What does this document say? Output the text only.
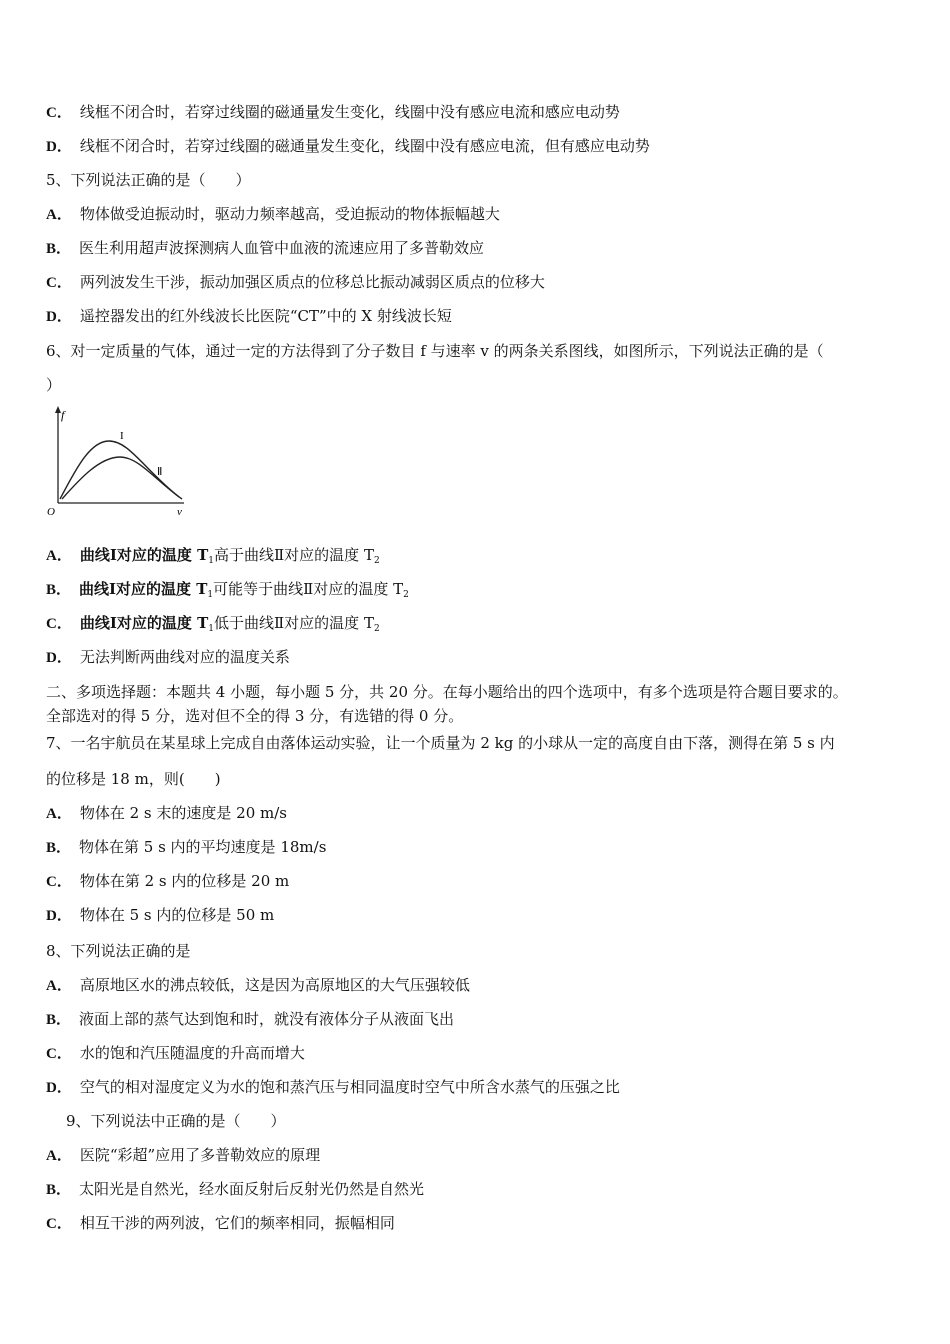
C． 线框不闭合时，若穿过线圈的磁通量发生变化，线圈中没有感应电流和感应电动势
D． 线框不闭合时，若穿过线圈的磁通量发生变化，线圈中没有感应电流，但有感应电动势
5、下列说法正确的是（　　）
A． 物体做受迫振动时，驱动力频率越高，受迫振动的物体振幅越大
B． 医生利用超声波探测病人血管中血液的流速应用了多普勒效应
C． 两列波发生干涉，振动加强区质点的位移总比振动减弱区质点的位移大
D． 遥控器发出的红外线波长比医院“CT”中的 X 射线波长短
6、对一定质量的气体，通过一定的方法得到了分子数目 f 与速率 v 的两条关系图线，如图所示，下列说法正确的是（
）
f
v
O
I
Ⅱ
A． 曲线Ⅰ对应的温度 $T_1$高于曲线Ⅱ对应的温度 $T_2$
B． 曲线Ⅰ对应的温度 $T_1$可能等于曲线Ⅱ对应的温度 $T_2$
C． 曲线Ⅰ对应的温度 $T_1$低于曲线Ⅱ对应的温度 $T_2$
D． 无法判断两曲线对应的温度关系
二、多项选择题：本题共 4 小题，每小题 5 分，共 20 分。在每小题给出的四个选项中，有多个选项是符合题目要求的。
全部选对的得 5 分，选对但不全的得 3 分，有选错的得 0 分。
7、一名宇航员在某星球上完成自由落体运动实验，让一个质量为 2 kg 的小球从一定的高度自由下落，测得在第 5 s 内
的位移是 18 m，则(　　)
A． 物体在 2 s 末的速度是 20 m/s
B． 物体在第 5 s 内的平均速度是 18m/s
C． 物体在第 2 s 内的位移是 20 m
D． 物体在 5 s 内的位移是 50 m
8、下列说法正确的是
A． 高原地区水的沸点较低，这是因为高原地区的大气压强较低
B． 液面上部的蒸气达到饱和时，就没有液体分子从液面飞出
C． 水的饱和汽压随温度的升高而增大
D． 空气的相对湿度定义为水的饱和蒸汽压与相同温度时空气中所含水蒸气的压强之比
9、下列说法中正确的是（　　）
A． 医院“彩超”应用了多普勒效应的原理
B． 太阳光是自然光，经水面反射后反射光仍然是自然光
C． 相互干涉的两列波，它们的频率相同，振幅相同
